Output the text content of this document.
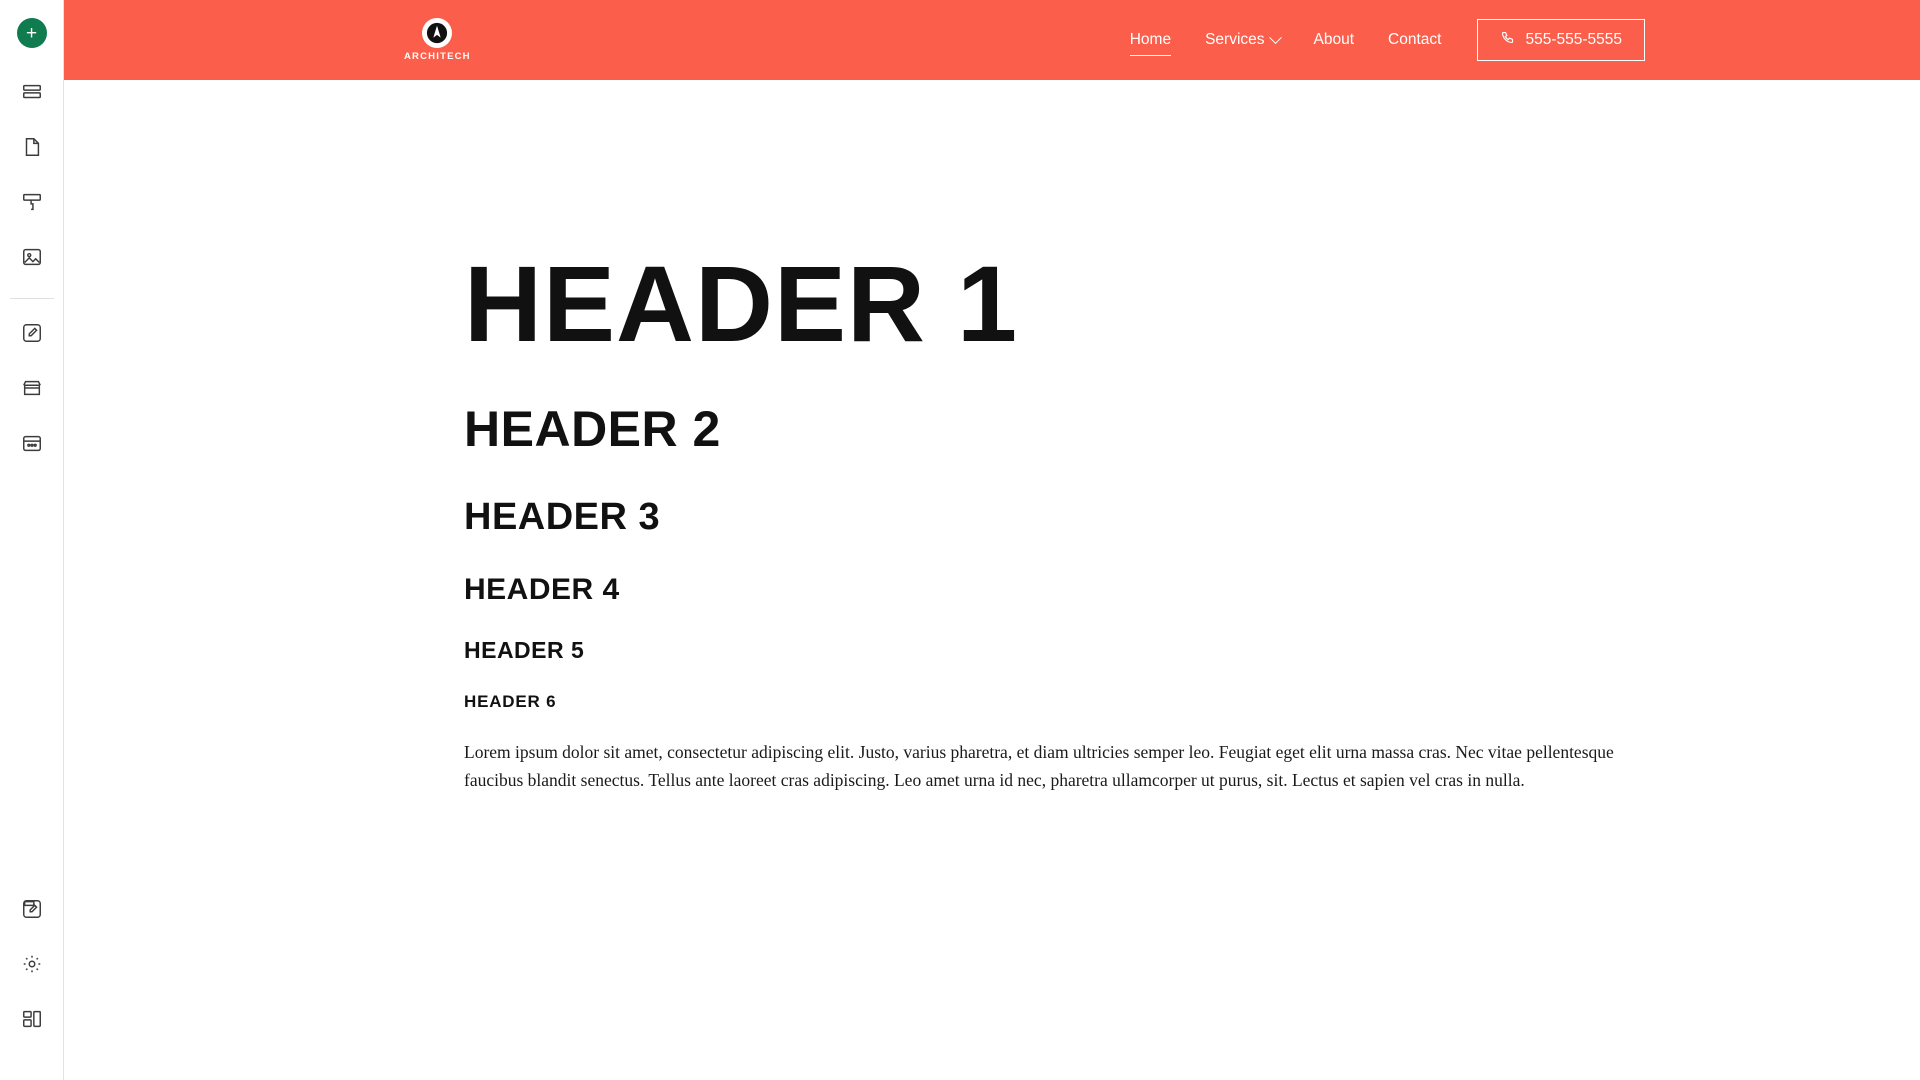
+
ARCHITECH
Home Services	About Contact	555-555-5555
HEADER 1
HEADER 2
HEADER 3
HEADER 4
HEADER 5
HEADER 6

Lorem ipsum dolor sit amet, consectetur adipiscing elit. Justo, varius pharetra, et diam ultricies semper leo. Feugiat eget elit urna massa cras. Nec vitae pellentesque faucibus blandit senectus. Tellus ante laoreet cras adipiscing. Leo amet urna id nec, pharetra ullamcorper ut purus, sit. Lectus et sapien vel cras in nulla.
